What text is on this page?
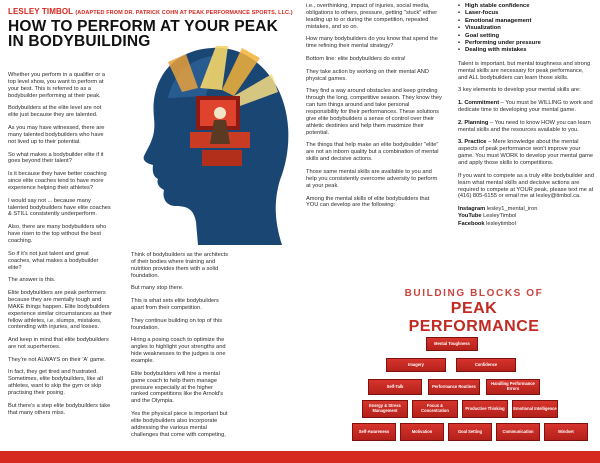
LESLEY TIMBOL (ADAPTED FROM DR. PATRICK COHN AT PEAK PERFORMANCE SPORTS, LLC.)
HOW TO PERFORM AT YOUR PEAK
IN BODYBUILDING

Whether you perform in a qualifier or a top level show, you want to perform at your best. This is referred to as a bodybuilder performing at their peak.

Bodybuilders at the elite level are not elite just because they are talented.

As you may have witnessed, there are many talented bodybuilders who have not lived up to their potential.

So what makes a bodybuilder elite if it goes beyond their talent?

Is it because they have better coaching since elite coaches tend to have more experience helping their athletes?

I would say not ... because many talented bodybuilders have elite coaches & STILL consistently underperform.

Also, there are many bodybuilders who have risen to the top without the best coaching.

So if it's not just talent and great coaches, what makes a bodybuilder elite?

The answer is this.

Elite bodybuilders are peak performers because they are mentally tough and MAKE things happen. Elite bodybuilders experience similar circumstances as their fellow athletes, i.e. slumps, mistakes, contending with injuries, and losses.

And keep in mind that elite bodybuilders are not superheroes.

They're not ALWAYS on their 'A' game.

In fact, they get tired and frustrated. Sometimes, elite bodybuilders, like all athletes, want to skip the gym or skip practising their posing.

But there's a step elite bodybuilders take that many others miss.

Think of bodybuilders as the architects of their bodies where training and nutrition provides them with a solid foundation.

But many stop there.

This is what sets elite bodybuilders apart from their competition.

They continue building on top of this foundation.

Hiring a posing coach to optimize the angles to highlight your strengths and hide weaknesses to the judges is one example.

Elite bodybuilders will hire a mental game coach to help them manage pressure especially at the higher ranked competitions like the Arnold's and the Olympia.

Yes the physical piece is important but elite bodybuilders also incorporate addressing the various mental challenges that come with competing,

i.e., overthinking, impact of injuries, social media, obligations to others, pressure, getting "stuck" either leading up to or during the competition, repeated mistakes, and so on.

How many bodybuilders do you know that spend the time refining their mental strategy?

Bottom line: elite bodybuilders do extra!

They take action by working on their mental AND physical games.

They find a way around obstacles and keep grinding through the long, competitive season. They know they can turn things around and take personal responsibility for their performances. These solutions give elite bodybuilders a sense of control over their athletic destinies and help them maximize their potential.

The things that help make an elite bodybuilder "elite" are not an inborn quality but a combination of mental skills and decisive actions.

Those same mental skills are available to you and help you consistently overcome adversity to perform at your peak.

Among the mental skills of elite bodybuilders that YOU can develop are the following:

• High stable confidence
• Laser-focus
• Emotional management
• Visualization
• Goal setting
• Performing under pressure
• Dealing with mistakes

Talent is important, but mental toughness and strong mental skills are necessary for peak performance, and ALL bodybuilders can learn those skills.

3 key elements to develop your mental skills are:

1. Commitment – You must be WILLING to work and dedicate time to developing your mental game.

2. Planning – You need to know HOW you can learn mental skills and the resources available to you.

3. Practice – Mere knowledge about the mental aspects of peak performance won't improve your game. You must WORK to develop your mental game and apply those skills to competitions.

If you want to compete as a truly elite bodybuilder and learn what mental skills and decisive actions are required to compete at YOUR peak, please text me at (416) 805-6155 or email me at lesley@timbol.ca.

Instagram lesley1_mental_iron
YouTube LesleyTimbol
Facebook lesleytimbol
BUILDING BLOCKS OF
PEAK PERFORMANCE
Mental Toughness
Imagery	Confidence
Self-Talk	Performance Routines	Handling Performance Errors
Energy & Stress Management
Focus & Concentration	Productive Thinking	Emotional Intelligence
Self-Awareness	Motivation	Goal Setting	Communication	Mindset
